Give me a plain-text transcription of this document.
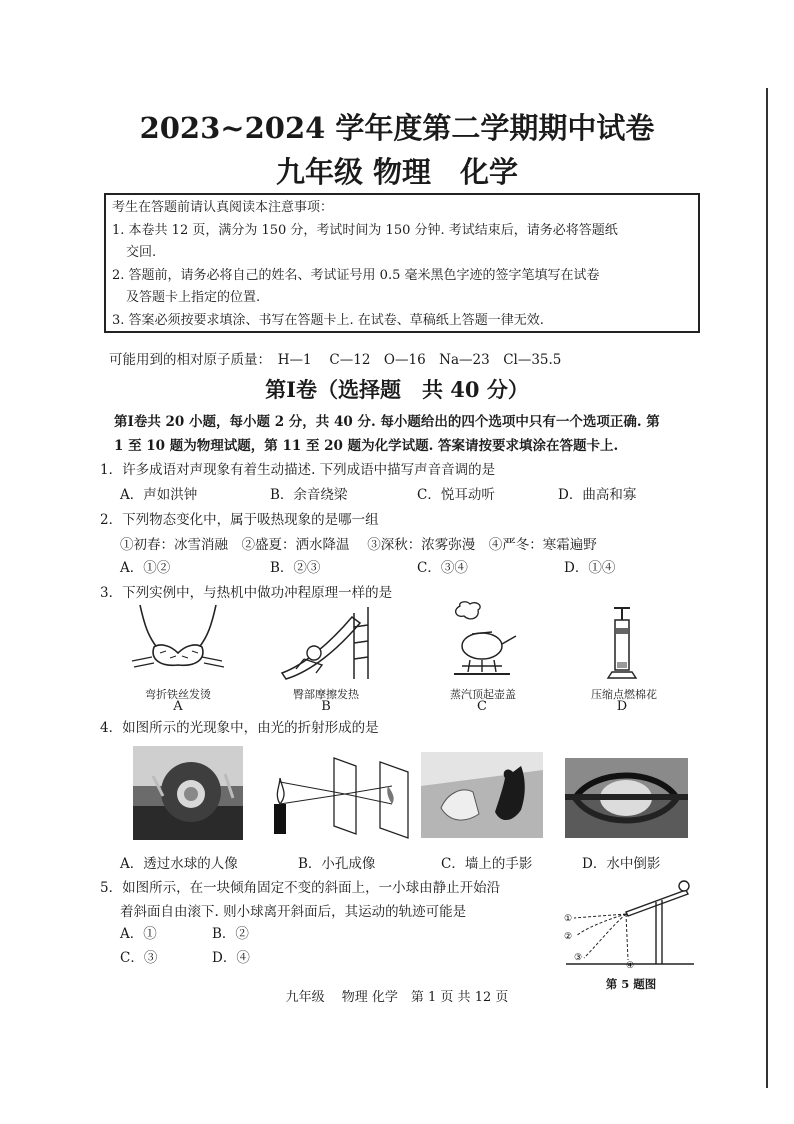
2023~2024 学年度第二学期期中试卷
九年级 物理　化学
考生在答题前请认真阅读本注意事项：
1. 本卷共 12 页，满分为 150 分，考试时间为 150 分钟. 考试结束后，请务必将答题纸
交回.
2. 答题前，请务必将自己的姓名、考试证号用 0.5 毫米黑色字迹的签字笔填写在试卷
及答题卡上指定的位置.
3. 答案必须按要求填涂、书写在答题卡上. 在试卷、草稿纸上答题一律无效.
可能用到的相对原子质量：　H—1　 C—12　O—16　Na—23　Cl—35.5
第Ⅰ卷（选择题　共 40 分）
第Ⅰ卷共 20 小题，每小题 2 分，共 40 分. 每小题给出的四个选项中只有一个选项正确. 第
1 至 10 题为物理试题，第 11 至 20 题为化学试题. 答案请按要求填涂在答题卡上.
1．许多成语对声现象有着生动描述. 下列成语中描写声音音调的是
A．声如洪钟	B．余音绕梁	C．悦耳动听	D．曲高和寡
2．下列物态变化中，属于吸热现象的是哪一组
①初春：冰雪消融　②盛夏：洒水降温　 ③深秋：浓雾弥漫　④严冬：寒霜遍野
A．①②	B．②③	C．③④	D．①④
3．下列实例中，与热机中做功冲程原理一样的是
弯折铁丝发烫
A
臀部摩擦发热
B
蒸汽顶起壶盖
C
压缩点燃棉花
D
4．如图所示的光现象中，由光的折射形成的是
A．透过水球的人像	B．小孔成像	C．墙上的手影	D．水中倒影
5．如图所示，在一块倾角固定不变的斜面上，一小球由静止开始沿
着斜面自由滚下. 则小球离开斜面后，其运动的轨迹可能是
A．①	B．②
C．③	D．④
①
②
③
④
第 5 题图
九年级　 物理 化学　第 1 页 共 12 页
